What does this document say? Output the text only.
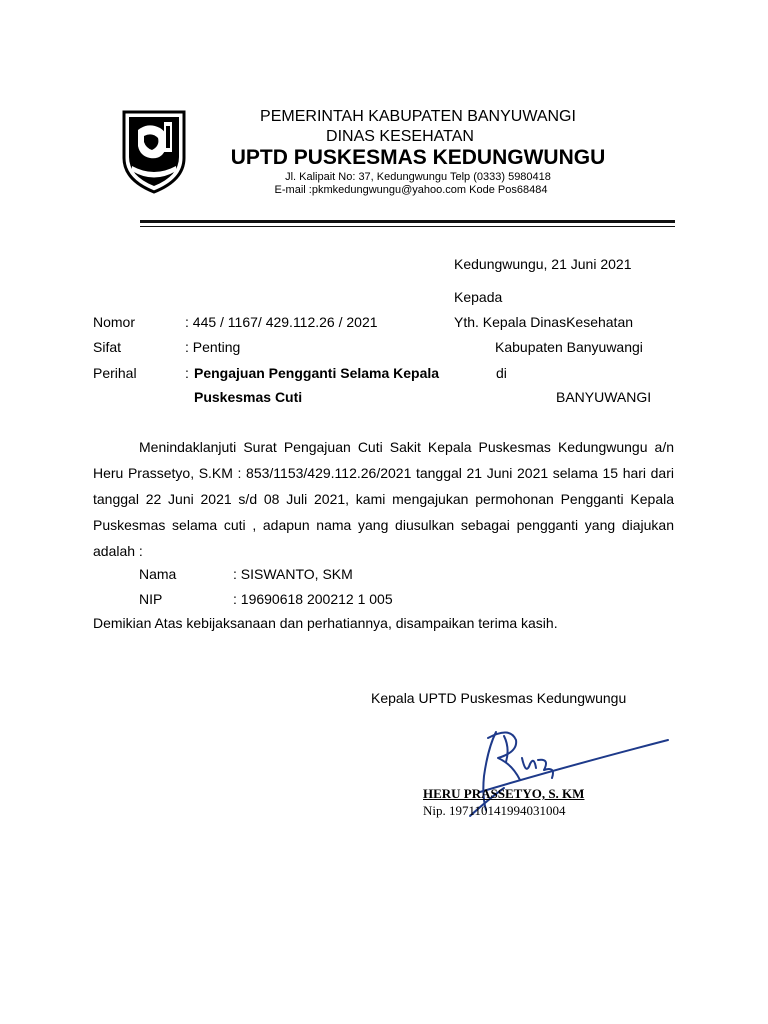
PEMERINTAH KABUPATEN BANYUWANGI
DINAS KESEHATAN
UPTD PUSKESMAS KEDUNGWUNGU
Jl. Kalipait No: 37, Kedungwungu Telp (0333) 5980418
E-mail :pkmkedungwungu@yahoo.com Kode Pos68484
Kedungwungu, 21 Juni 2021
Kepada
Yth. Kepala DinasKesehatan
Kabupaten Banyuwangi
di
BANYUWANGI
Nomor	: 445 / 1167/ 429.112.26 / 2021
Sifat	: Penting
Perihal	: Pengajuan Pengganti Selama Kepala
Puskesmas Cuti
Menindaklanjuti Surat Pengajuan Cuti Sakit Kepala Puskesmas Kedungwungu a/n Heru Prassetyo, S.KM : 853/1153/429.112.26/2021 tanggal 21 Juni 2021 selama 15 hari dari tanggal 22 Juni 2021 s/d 08 Juli 2021, kami mengajukan permohonan Pengganti Kepala Puskesmas selama cuti , adapun nama yang diusulkan sebagai pengganti yang diajukan adalah :
Nama	: SISWANTO, SKM
NIP	: 19690618 200212 1 005
Demikian Atas kebijaksanaan dan perhatiannya, disampaikan terima kasih.
Kepala UPTD Puskesmas Kedungwungu
HERU PRASSETYO, S. KM
Nip. 197110141994031004
